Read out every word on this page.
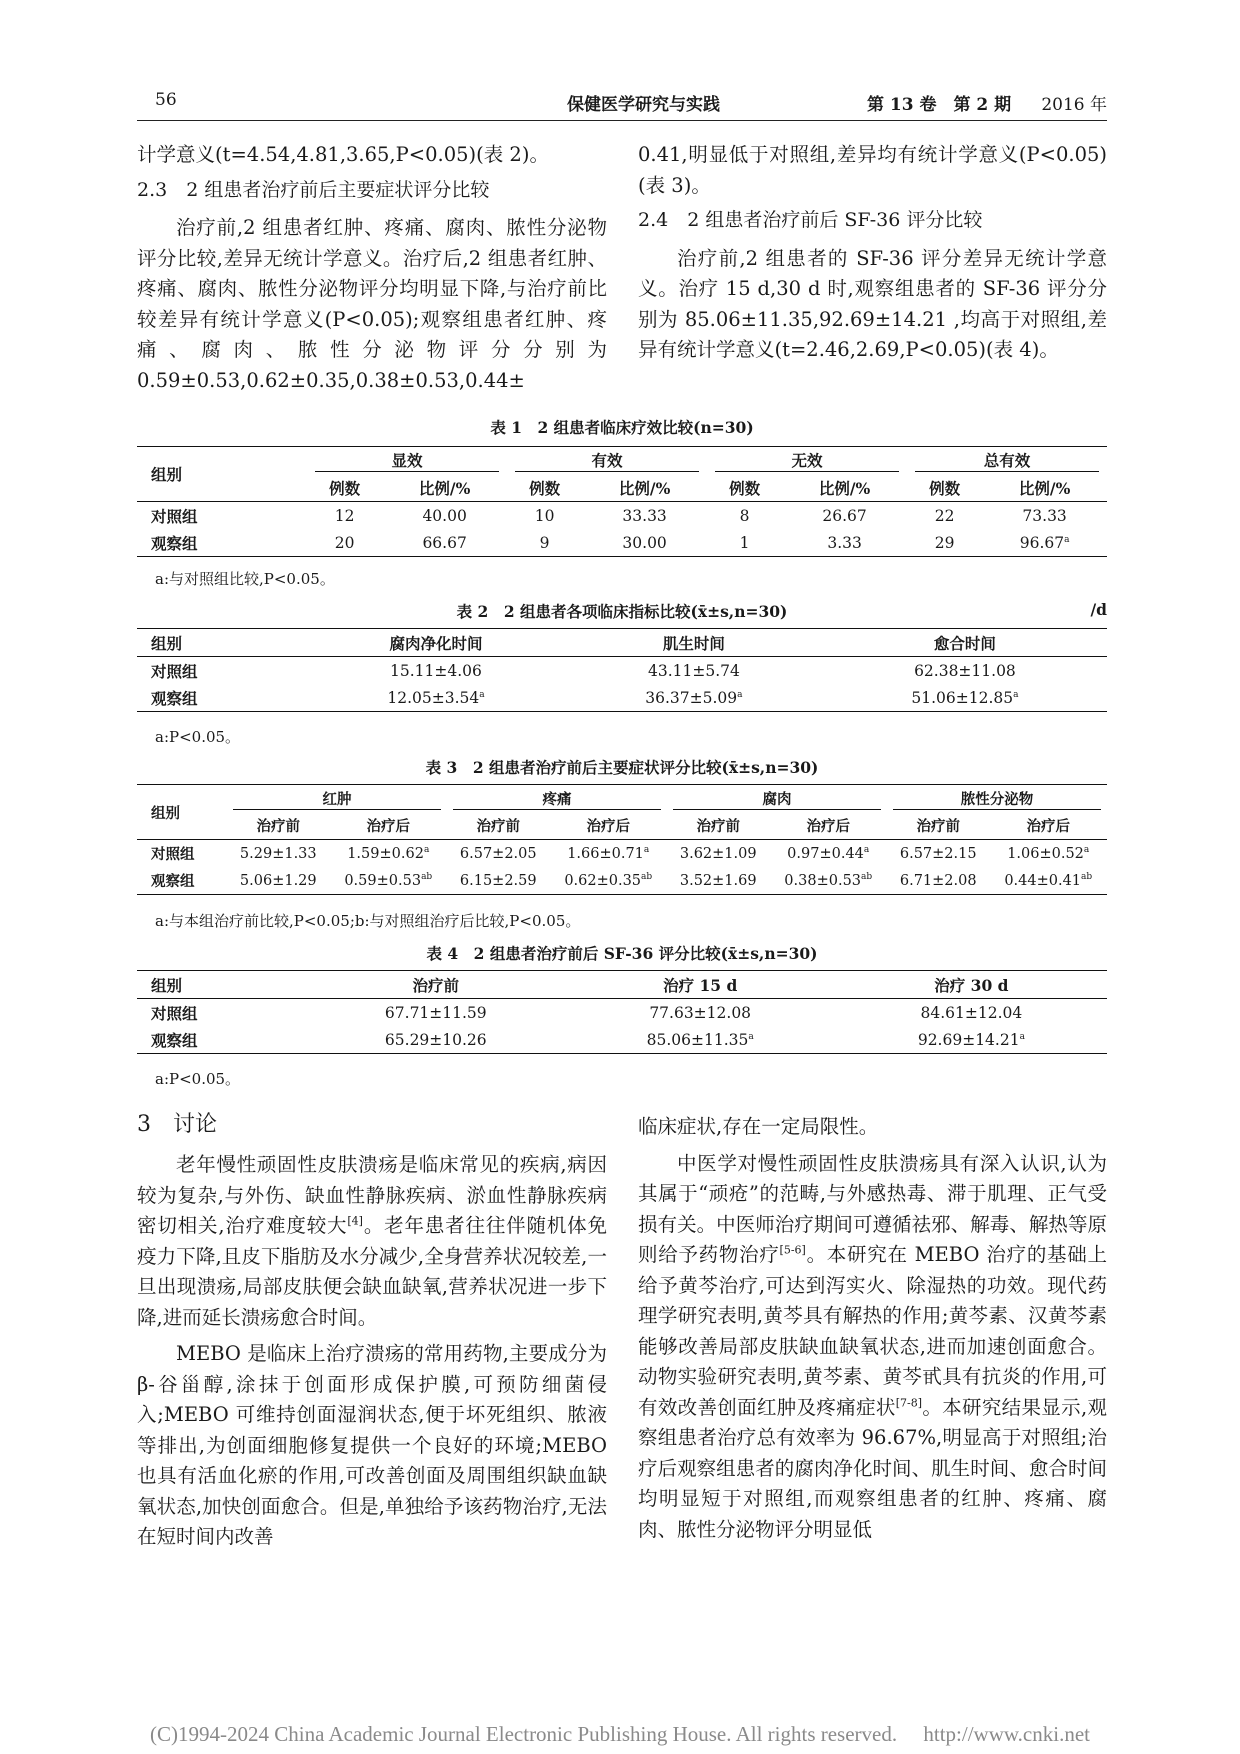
56	保健医学研究与实践	第 13 卷　第 2 期 2016 年

计学意义(t=4.54,4.81,3.65,P<0.05)(表 2)。

2.3　2 组患者治疗前后主要症状评分比较

治疗前,2 组患者红肿、疼痛、腐肉、脓性分泌物评分比较,差异无统计学意义。治疗后,2 组患者红肿、疼痛、腐肉、脓性分泌物评分均明显下降,与治疗前比较差异有统计学意义(P<0.05);观察组患者红肿、疼痛、腐肉、脓性分泌物评分分别为 0.59±0.53,0.62±0.35,0.38±0.53,0.44±

0.41,明显低于对照组,差异均有统计学意义(P<0.05)(表 3)。

2.4　2 组患者治疗前后 SF-36 评分比较

治疗前,2 组患者的 SF-36 评分差异无统计学意义。治疗 15 d,30 d 时,观察组患者的 SF-36 评分分别为 85.06±11.35,92.69±14.21 ,均高于对照组,差异有统计学意义(t=2.46,2.69,P<0.05)(表 4)。

表 1　2 组患者临床疗效比较(n=30)
组别	显效		有效		无效		总有效	

	例数	比例/%	例数	比例/%	例数	比例/%	例数	比例/%
对照组	12	40.00	10	33.33	8	26.67	22	73.33
观察组	20	66.67	9	30.00	1	3.33	29	96.67$^a$
a:与对照组比较,P<0.05。
表 2　2 组患者各项临床指标比较(x̄±s,n=30)	/d
组别	腐肉净化时间	肌生时间	愈合时间
对照组	15.11±4.06	43.11±5.74	62.38±11.08
观察组	12.05±3.54$^a$	36.37±5.09$^a$	51.06±12.85$^a$
a:P<0.05。
表 3　2 组患者治疗前后主要症状评分比较(x̄±s,n=30)
组别	红肿		疼痛		腐肉		脓性分泌物	

	治疗前	治疗后	治疗前	治疗后	治疗前	治疗后	治疗前	治疗后
对照组	5.29±1.33	1.59±0.62$^a$	6.57±2.05	1.66±0.71$^a$	3.62±1.09	0.97±0.44$^a$	6.57±2.15	1.06±0.52$^a$
观察组	5.06±1.29	0.59±0.53$^{ab}$	6.15±2.59	0.62±0.35$^{ab}$	3.52±1.69	0.38±0.53$^{ab}$	6.71±2.08	0.44±0.41$^{ab}$
a:与本组治疗前比较,P<0.05;b:与对照组治疗后比较,P<0.05。
表 4　2 组患者治疗前后 SF-36 评分比较(x̄±s,n=30)
组别	治疗前	治疗 15 d	治疗 30 d
对照组	67.71±11.59	77.63±12.08	84.61±12.04
观察组	65.29±10.26	85.06±11.35$^a$	92.69±14.21$^a$
a:P<0.05。
3　讨论

老年慢性顽固性皮肤溃疡是临床常见的疾病,病因较为复杂,与外伤、缺血性静脉疾病、淤血性静脉疾病密切相关,治疗难度较大[4]。老年患者往往伴随机体免疫力下降,且皮下脂肪及水分减少,全身营养状况较差,一旦出现溃疡,局部皮肤便会缺血缺氧,营养状况进一步下降,进而延长溃疡愈合时间。

MEBO 是临床上治疗溃疡的常用药物,主要成分为β-谷甾醇,涂抹于创面形成保护膜,可预防细菌侵入;MEBO 可维持创面湿润状态,便于坏死组织、脓液等排出,为创面细胞修复提供一个良好的环境;MEBO 也具有活血化瘀的作用,可改善创面及周围组织缺血缺氧状态,加快创面愈合。但是,单独给予该药物治疗,无法在短时间内改善

临床症状,存在一定局限性。

中医学对慢性顽固性皮肤溃疡具有深入认识,认为其属于“顽疮”的范畴,与外感热毒、滞于肌理、正气受损有关。中医师治疗期间可遵循祛邪、解毒、解热等原则给予药物治疗[5-6]。本研究在 MEBO 治疗的基础上给予黄芩治疗,可达到泻实火、除湿热的功效。现代药理学研究表明,黄芩具有解热的作用;黄芩素、汉黄芩素能够改善局部皮肤缺血缺氧状态,进而加速创面愈合。动物实验研究表明,黄芩素、黄芩甙具有抗炎的作用,可有效改善创面红肿及疼痛症状[7-8]。本研究结果显示,观察组患者治疗总有效率为 96.67%,明显高于对照组;治疗后观察组患者的腐肉净化时间、肌生时间、愈合时间均明显短于对照组,而观察组患者的红肿、疼痛、腐肉、脓性分泌物评分明显低

(C)1994-2024 China Academic Journal Electronic Publishing House. All rights reserved.　 http://www.cnki.net
